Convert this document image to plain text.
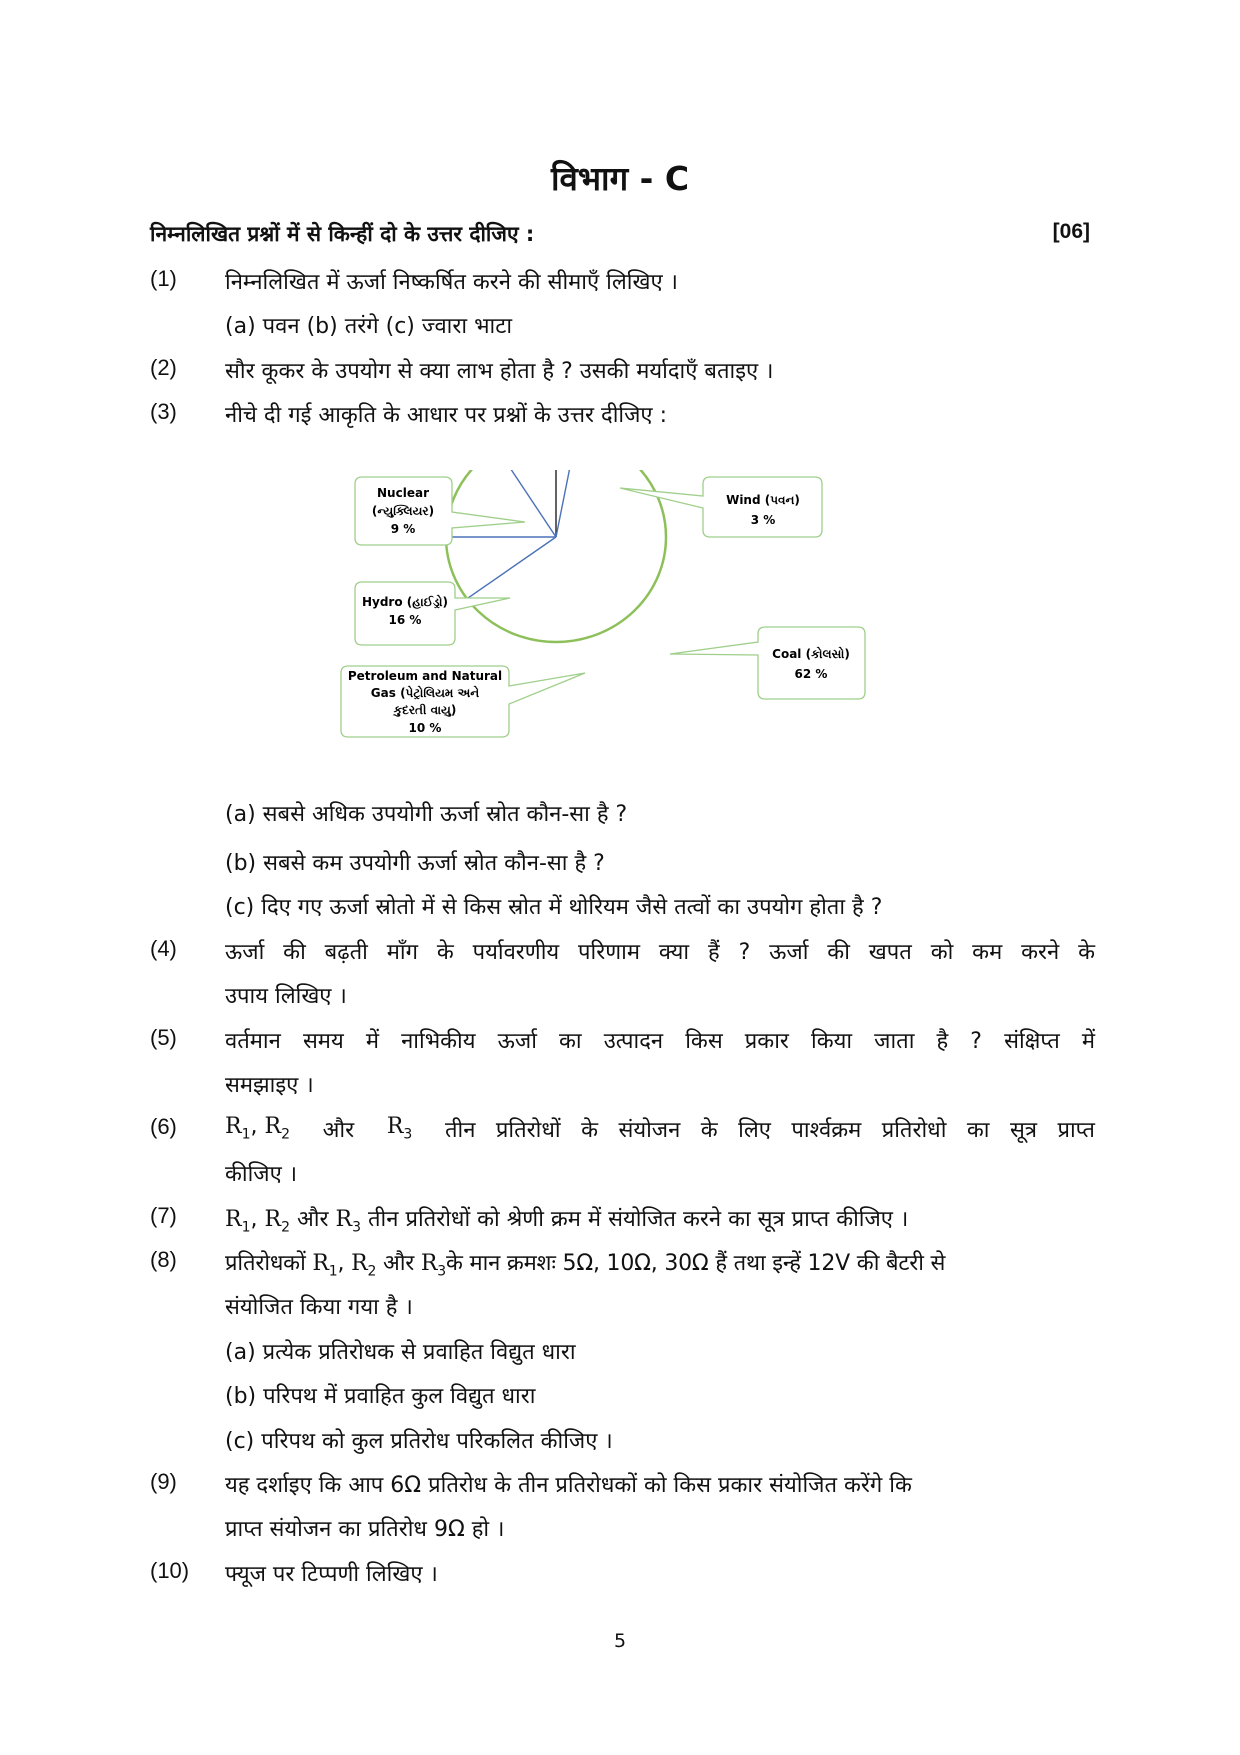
विभाग - C
निम्नलिखित प्रश्नों में से किन्हीं दो के उत्तर दीजिए :	[06]
(1) निम्नलिखित में ऊर्जा निष्कर्षित करने की सीमाएँ लिखिए ।
(a) पवन (b) तरंगे (c) ज्वारा भाटा
(2) सौर कूकर के उपयोग से क्या लाभ होता है ? उसकी मर्यादाएँ बताइए ।
(3) नीचे दी गई आकृति के आधार पर प्रश्नों के उत्तर दीजिए :
Nuclear
(ન્યુક્લિયર)
9 %
Wind (પવન)
3 %
Hydro (હાઈડ્રો)
16 %
Coal (કોલસો)
62 %
Petroleum and Natural
Gas (પેટ્રોલિયમ અને
કુદરતી વાયુ)
10 %
(a) सबसे अधिक उपयोगी ऊर्जा स्रोत कौन-सा है ?
(b) सबसे कम उपयोगी ऊर्जा स्रोत कौन-सा है ?
(c) दिए गए ऊर्जा स्रोतो में से किस स्रोत में थोरियम जैसे तत्वों का उपयोग होता है ?
(4) ऊर्जा की बढ़ती माँग के पर्यावरणीय परिणाम क्या हैं ? ऊर्जा की खपत को कम करने के
उपाय लिखिए ।
(5) वर्तमान समय में नाभिकीय ऊर्जा का उत्पादन किस प्रकार किया जाता है ? संक्षिप्त में
समझाइए ।
(6) $R_1$, $R_2$ और $R_3$ तीन प्रतिरोधों के संयोजन के लिए पार्श्वक्रम प्रतिरोधो का सूत्र प्राप्त
कीजिए ।
(7) $R_1$, $R_2$ और $R_3$ तीन प्रतिरोधों को श्रेणी क्रम में संयोजित करने का सूत्र प्राप्त कीजिए ।
(8) प्रतिरोधकों $R_1$, $R_2$ और $R_3के$ मान क्रमशः 5Ω, 10Ω, 30Ω हैं तथा इन्हें 12V की बैटरी से
संयोजित किया गया है ।
(a) प्रत्येक प्रतिरोधक से प्रवाहित विद्युत धारा
(b) परिपथ में प्रवाहित कुल विद्युत धारा
(c) परिपथ को कुल प्रतिरोध परिकलित कीजिए ।
(9) यह दर्शाइए कि आप 6Ω प्रतिरोध के तीन प्रतिरोधकों को किस प्रकार संयोजित करेंगे कि
प्राप्त संयोजन का प्रतिरोध 9Ω हो ।
(10) फ्यूज पर टिप्पणी लिखिए ।
5
